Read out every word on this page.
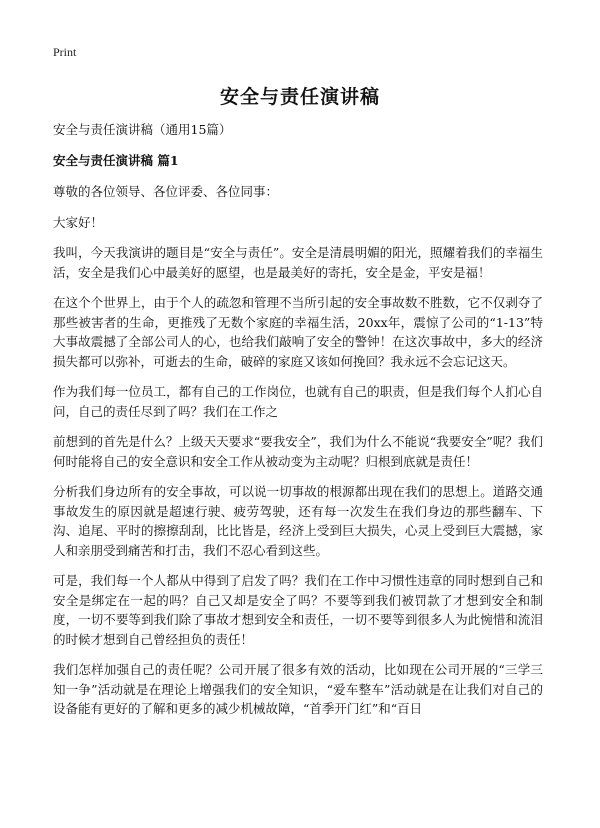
Print
安全与责任演讲稿

安全与责任演讲稿（通用15篇）

安全与责任演讲稿 篇1

尊敬的各位领导、各位评委、各位同事：

大家好！

我叫，今天我演讲的题目是“安全与责任”。安全是清晨明媚的阳光，照耀着我们的幸福生活，安全是我们心中最美好的愿望，也是最美好的寄托，安全是金，平安是福！

在这个个世界上，由于个人的疏忽和管理不当所引起的安全事故数不胜数，它不仅剥夺了那些被害者的生命，更推残了无数个家庭的幸福生活，20xx年，震惊了公司的“1-13”特大事故震撼了全部公司人的心，也给我们敲响了安全的警钟！在这次事故中，多大的经济损失都可以弥补，可逝去的生命，破碎的家庭又该如何挽回？我永远不会忘记这天。

作为我们每一位员工，都有自己的工作岗位，也就有自己的职责，但是我们每个人扪心自问，自己的责任尽到了吗？我们在工作之

前想到的首先是什么？上级天天要求“要我安全”，我们为什么不能说“我要安全”呢？我们何时能将自己的安全意识和安全工作从被动变为主动呢？归根到底就是责任！

分析我们身边所有的安全事故，可以说一切事故的根源都出现在我们的思想上。道路交通事故发生的原因就是超速行驶、疲劳驾驶，还有每一次发生在我们身边的那些翻车、下沟、追尾、平时的擦擦刮刮，比比皆是，经济上受到巨大损失，心灵上受到巨大震撼，家人和亲朋受到痛苦和打击，我们不忍心看到这些。

可是，我们每一个人都从中得到了启发了吗？我们在工作中习惯性违章的同时想到自己和安全是绑定在一起的吗？自己又却是安全了吗？不要等到我们被罚款了才想到安全和制度，一切不要等到我们除了事故才想到安全和责任，一切不要等到很多人为此惋惜和流泪的时候才想到自己曾经担负的责任！

我们怎样加强自己的责任呢？公司开展了很多有效的活动，比如现在公司开展的“三学三知一争”活动就是在理论上增强我们的安全知识，“爱车整车”活动就是在让我们对自己的设备能有更好的了解和更多的减少机械故障，“首季开门红”和“百日
